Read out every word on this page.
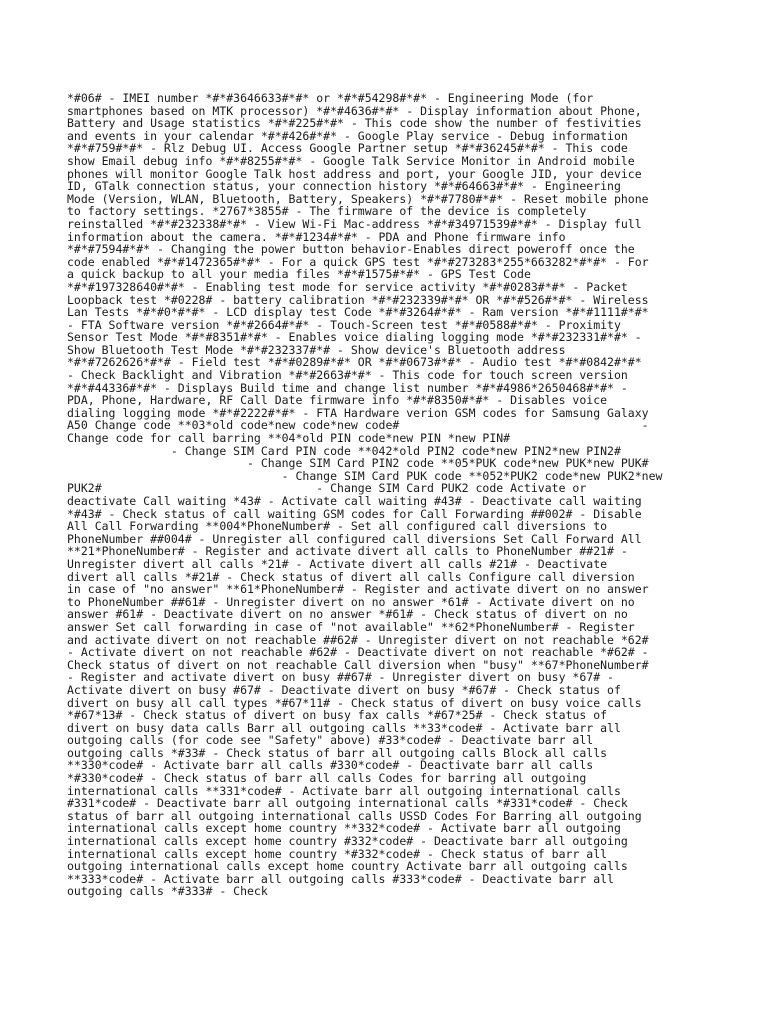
*#06# - IMEI number *#*#3646633#*#* or *#*#54298#*#* - Engineering Mode (for
smartphones based on MTK processor) *#*#4636#*#* - Display information about Phone,
Battery and Usage statistics *#*#225#*#* - This code show the number of festivities
and events in your calendar *#*#426#*#* - Google Play service - Debug information
*#*#759#*#* - Rlz Debug UI. Access Google Partner setup *#*#36245#*#* - This code
show Email debug info *#*#8255#*#* - Google Talk Service Monitor in Android mobile
phones will monitor Google Talk host address and port, your Google JID, your device
ID, GTalk connection status, your connection history *#*#64663#*#* - Engineering
Mode (Version, WLAN, Bluetooth, Battery, Speakers) *#*#7780#*#* - Reset mobile phone
to factory settings. *2767*3855# - The firmware of the device is completely
reinstalled *#*#232338#*#* - View Wi-Fi Mac-address *#*#34971539#*#* - Display full
information about the camera. *#*#1234#*#* - PDA and Phone firmware info
*#*#7594#*#* - Changing the power button behavior-Enables direct poweroff once the
code enabled *#*#1472365#*#* - For a quick GPS test *#*#273283*255*663282*#*#* - For
a quick backup to all your media files *#*#1575#*#* - GPS Test Code
*#*#197328640#*#* - Enabling test mode for service activity *#*#0283#*#* - Packet
Loopback test *#0228# - battery calibration *#*#232339#*#* OR *#*#526#*#* - Wireless
Lan Tests *#*#0*#*#* - LCD display test Code *#*#3264#*#* - Ram version *#*#1111#*#*
- FTA Software version *#*#2664#*#* - Touch-Screen test *#*#0588#*#* - Proximity
Sensor Test Mode *#*#8351#*#* - Enables voice dialing logging mode *#*#232331#*#* -
Show Bluetooth Test Mode *#*#232337#*# - Show device's Bluetooth address
*#*#7262626*#*# - Field test *#*#0289#*#* OR *#*#0673#*#* - Audio test *#*#0842#*#*
- Check Backlight and Vibration *#*#2663#*#* - This code for touch screen version
*#*#44336#*#* - Displays Build time and change list number *#*#4986*2650468#*#* -
PDA, Phone, Hardware, RF Call Date firmware info *#*#8350#*#* - Disables voice
dialing logging mode *#*#2222#*#* - FTA Hardware verion GSM codes for Samsung Galaxy
A50 Change code **03*old code*new code*new code#                                   -
Change code for call barring **04*old PIN code*new PIN *new PIN#
- Change SIM Card PIN code **042*old PIN2 code*new PIN2*new PIN2#
- Change SIM Card PIN2 code **05*PUK code*new PUK*new PUK#
- Change SIM Card PUK code **052*PUK2 code*new PUK2*new
PUK2#                               - Change SIM Card PUK2 code Activate or
deactivate Call waiting *43# - Activate call waiting #43# - Deactivate call waiting
*#43# - Check status of call waiting GSM codes for Call Forwarding ##002# - Disable
All Call Forwarding **004*PhoneNumber# - Set all configured call diversions to
PhoneNumber ##004# - Unregister all configured call diversions Set Call Forward All
**21*PhoneNumber# - Register and activate divert all calls to PhoneNumber ##21# -
Unregister divert all calls *21# - Activate divert all calls #21# - Deactivate
divert all calls *#21# - Check status of divert all calls Configure call diversion
in case of "no answer" **61*PhoneNumber# - Register and activate divert on no answer
to PhoneNumber ##61# - Unregister divert on no answer *61# - Activate divert on no
answer #61# - Deactivate divert on no answer *#61# - Check status of divert on no
answer Set call forwarding in case of "not available" **62*PhoneNumber# - Register
and activate divert on not reachable ##62# - Unregister divert on not reachable *62#
- Activate divert on not reachable #62# - Deactivate divert on not reachable *#62# -
Check status of divert on not reachable Call diversion when "busy" **67*PhoneNumber#
- Register and activate divert on busy ##67# - Unregister divert on busy *67# -
Activate divert on busy #67# - Deactivate divert on busy *#67# - Check status of
divert on busy all call types *#67*11# - Check status of divert on busy voice calls
*#67*13# - Check status of divert on busy fax calls *#67*25# - Check status of
divert on busy data calls Barr all outgoing calls **33*code# - Activate barr all
outgoing calls (for code see "Safety" above) #33*code# - Deactivate barr all
outgoing calls *#33# - Check status of barr all outgoing calls Block all calls
**330*code# - Activate barr all calls #330*code# - Deactivate barr all calls
*#330*code# - Check status of barr all calls Codes for barring all outgoing
international calls **331*code# - Activate barr all outgoing international calls
#331*code# - Deactivate barr all outgoing international calls *#331*code# - Check
status of barr all outgoing international calls USSD Codes For Barring all outgoing
international calls except home country **332*code# - Activate barr all outgoing
international calls except home country #332*code# - Deactivate barr all outgoing
international calls except home country *#332*code# - Check status of barr all
outgoing international calls except home country Activate barr all outgoing calls
**333*code# - Activate barr all outgoing calls #333*code# - Deactivate barr all
outgoing calls *#333# - Check
